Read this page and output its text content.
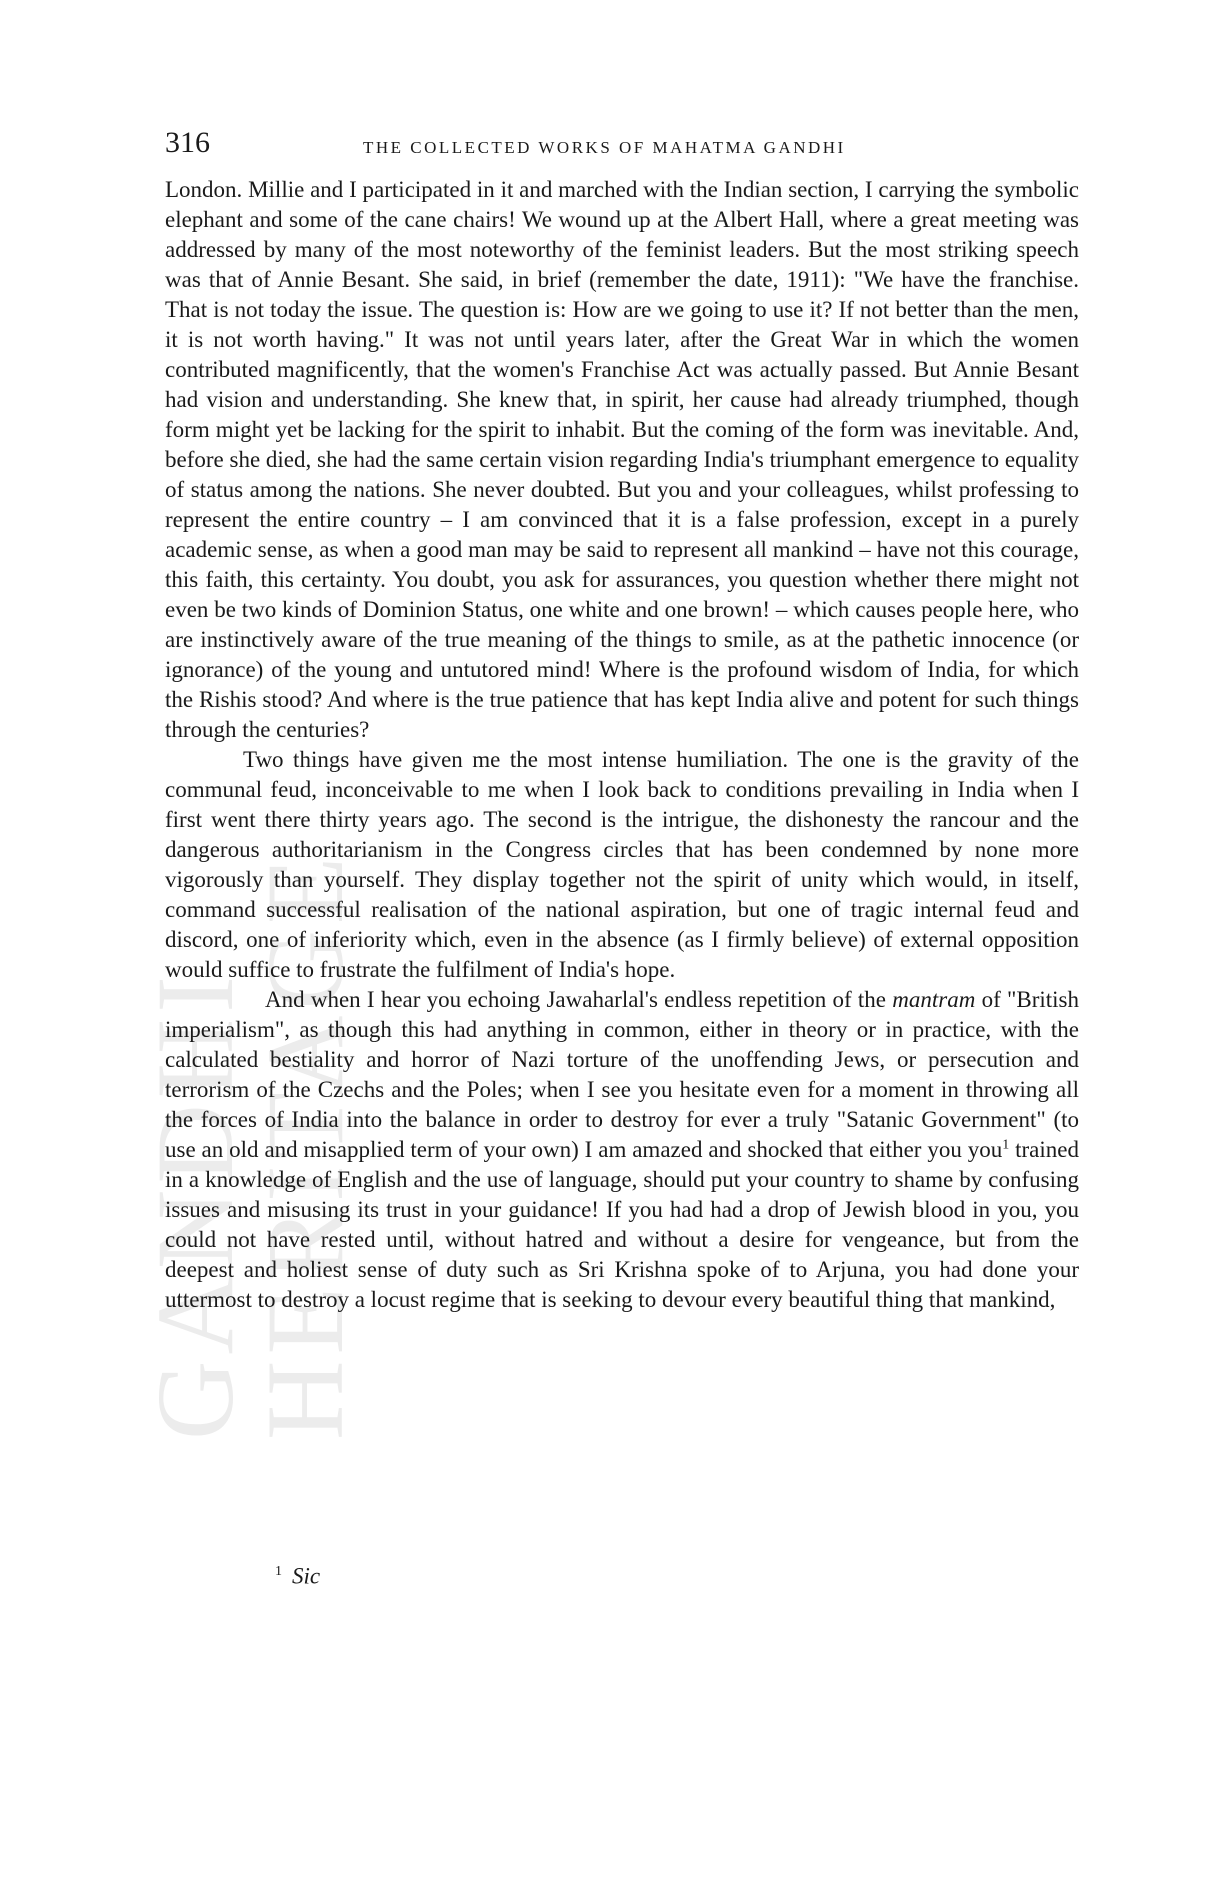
GANDHI HERITAGE
316	THE COLLECTED WORKS OF MAHATMA GANDHI

London. Millie and I participated in it and marched with the Indian section, I carrying the symbolic elephant and some of the cane chairs! We wound up at the Albert Hall, where a great meeting was addressed by many of the most noteworthy of the feminist leaders. But the most striking speech was that of Annie Besant. She said, in brief (remember the date, 1911): "We have the franchise. That is not today the issue. The question is: How are we going to use it? If not better than the men, it is not worth having." It was not until years later, after the Great War in which the women contributed magnificently, that the women's Franchise Act was actually passed. But Annie Besant had vision and understanding. She knew that, in spirit, her cause had already triumphed, though form might yet be lacking for the spirit to inhabit. But the coming of the form was inevitable. And, before she died, she had the same certain vision regarding India's triumphant emergence to equality of status among the nations. She never doubted. But you and your colleagues, whilst professing to represent the entire country – I am convinced that it is a false profession, except in a purely academic sense, as when a good man may be said to represent all mankind – have not this courage, this faith, this certainty. You doubt, you ask for assurances, you question whether there might not even be two kinds of Dominion Status, one white and one brown! – which causes people here, who are instinctively aware of the true meaning of the things to smile, as at the pathetic innocence (or ignorance) of the young and untutored mind! Where is the profound wisdom of India, for which the Rishis stood? And where is the true patience that has kept India alive and potent for such things through the centuries?

Two things have given me the most intense humiliation. The one is the gravity of the communal feud, inconceivable to me when I look back to conditions prevailing in India when I first went there thirty years ago. The second is the intrigue, the dishonesty the rancour and the dangerous authoritarianism in the Congress circles that has been condemned by none more vigorously than yourself. They display together not the spirit of unity which would, in itself, command successful realisation of the national aspiration, but one of tragic internal feud and discord, one of inferiority which, even in the absence (as I firmly believe) of external opposition would suffice to frustrate the fulfilment of India's hope.

And when I hear you echoing Jawaharlal's endless repetition of the mantram of "British imperialism", as though this had anything in common, either in theory or in practice, with the calculated bestiality and horror of Nazi torture of the unoffending Jews, or persecution and terrorism of the Czechs and the Poles; when I see you hesitate even for a moment in throwing all the forces of India into the balance in order to destroy for ever a truly "Satanic Government" (to use an old and misapplied term of your own) I am amazed and shocked that either you you$^1$ trained in a knowledge of English and the use of language, should put your country to shame by confusing issues and misusing its trust in your guidance! If you had had a drop of Jewish blood in you, you could not have rested until, without hatred and without a desire for vengeance, but from the deepest and holiest sense of duty such as Sri Krishna spoke of to Arjuna, you had done your uttermost to destroy a locust regime that is seeking to devour every beautiful thing that mankind,

$^1$ Sic
